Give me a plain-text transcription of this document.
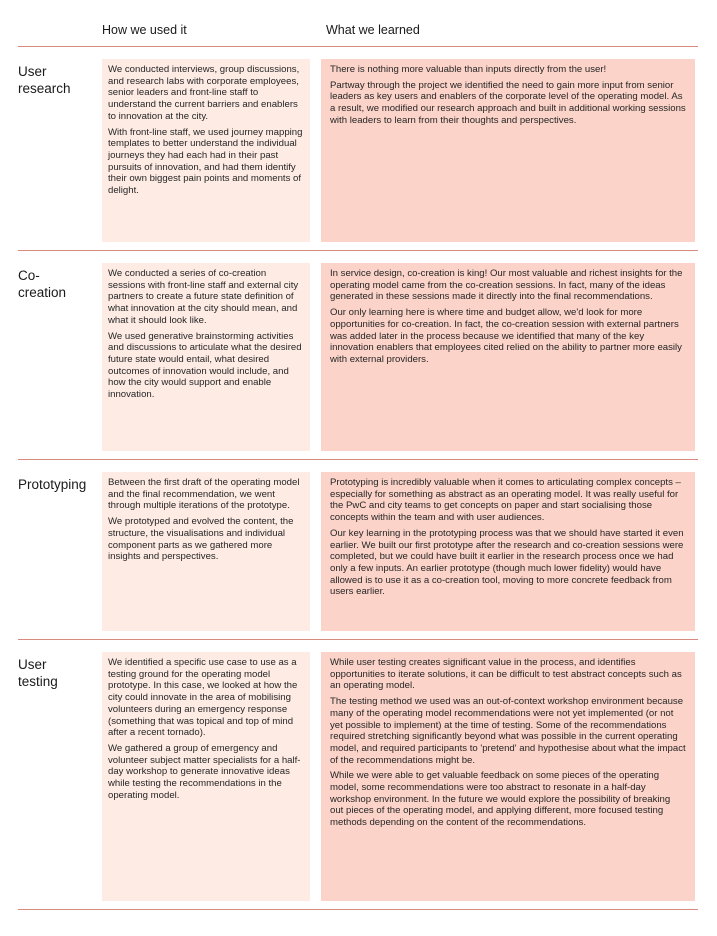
How we used it	What we learned
User research

We conducted interviews, group discussions, and research labs with corporate employees, senior leaders and front-line staff to understand the current barriers and enablers to innovation at the city.

With front-line staff, we used journey mapping templates to better understand the individual journeys they had each had in their past pursuits of innovation, and had them identify their own biggest pain points and moments of delight.

There is nothing more valuable than inputs directly from the user!

Partway through the project we identified the need to gain more input from senior leaders as key users and enablers of the corporate level of the operating model. As a result, we modified our research approach and built in additional working sessions with leaders to learn from their thoughts and perspectives.

Co-creation

We conducted a series of co-creation sessions with front-line staff and external city partners to create a future state definition of what innovation at the city should mean, and what it should look like.

We used generative brainstorming activities and discussions to articulate what the desired future state would entail, what desired outcomes of innovation would include, and how the city would support and enable innovation.

In service design, co-creation is king! Our most valuable and richest insights for the operating model came from the co-creation sessions. In fact, many of the ideas generated in these sessions made it directly into the final recommendations.

Our only learning here is where time and budget allow, we'd look for more opportunities for co-creation. In fact, the co-creation session with external partners was added later in the process because we identified that many of the key innovation enablers that employees cited relied on the ability to partner more easily with external providers.

Prototyping	Between the first draft of the operating model and the final recommendation, we went through multiple iterations of the prototype.

We prototyped and evolved the content, the structure, the visualisations and individual component parts as we gathered more insights and perspectives.

Prototyping is incredibly valuable when it comes to articulating complex concepts – especially for something as abstract as an operating model. It was really useful for the PwC and city teams to get concepts on paper and start socialising those concepts within the team and with user audiences.

Our key learning in the prototyping process was that we should have started it even earlier. We built our first prototype after the research and co-creation sessions were completed, but we could have built it earlier in the research process once we had only a few inputs. An earlier prototype (though much lower fidelity) would have allowed is to use it as a co-creation tool, moving to more concrete feedback from users earlier.

User testing

We identified a specific use case to use as a testing ground for the operating model prototype. In this case, we looked at how the city could innovate in the area of mobilising volunteers during an emergency response (something that was topical and top of mind after a recent tornado).

We gathered a group of emergency and volunteer subject matter specialists for a half-day workshop to generate innovative ideas while testing the recommendations in the operating model.

While user testing creates significant value in the process, and identifies opportunities to iterate solutions, it can be difficult to test abstract concepts such as an operating model.

The testing method we used was an out-of-context workshop environment because many of the operating model recommendations were not yet implemented (or not yet possible to implement) at the time of testing. Some of the recommendations required stretching significantly beyond what was possible in the current operating model, and required participants to 'pretend' and hypothesise about what the impact of the recommendations might be.

While we were able to get valuable feedback on some pieces of the operating model, some recommendations were too abstract to resonate in a half-day workshop environment. In the future we would explore the possibility of breaking out pieces of the operating model, and applying different, more focused testing methods depending on the content of the recommendations.
